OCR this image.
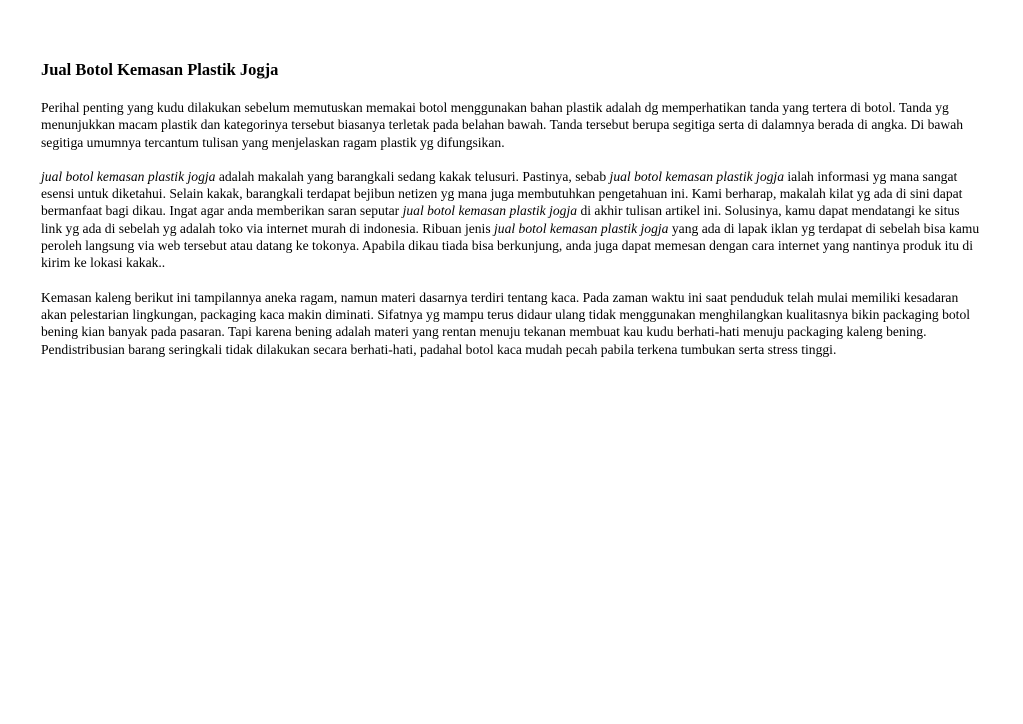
Jual Botol Kemasan Plastik Jogja

Perihal penting yang kudu dilakukan sebelum memutuskan memakai botol menggunakan bahan plastik adalah dg memperhatikan tanda yang tertera di botol. Tanda yg menunjukkan macam plastik dan kategorinya tersebut biasanya terletak pada belahan bawah. Tanda tersebut berupa segitiga serta di dalamnya berada di angka. Di bawah segitiga umumnya tercantum tulisan yang menjelaskan ragam plastik yg difungsikan.

jual botol kemasan plastik jogja adalah makalah yang barangkali sedang kakak telusuri. Pastinya, sebab jual botol kemasan plastik jogja ialah informasi yg mana sangat esensi untuk diketahui. Selain kakak, barangkali terdapat bejibun netizen yg mana juga membutuhkan pengetahuan ini. Kami berharap, makalah kilat yg ada di sini dapat bermanfaat bagi dikau. Ingat agar anda memberikan saran seputar jual botol kemasan plastik jogja di akhir tulisan artikel ini. Solusinya, kamu dapat mendatangi ke situs link yg ada di sebelah yg adalah toko via internet murah di indonesia. Ribuan jenis jual botol kemasan plastik jogja yang ada di lapak iklan yg terdapat di sebelah bisa kamu peroleh langsung via web tersebut atau datang ke tokonya. Apabila dikau tiada bisa berkunjung, anda juga dapat memesan dengan cara internet yang nantinya produk itu di kirim ke lokasi kakak..

Kemasan kaleng berikut ini tampilannya aneka ragam, namun materi dasarnya terdiri tentang kaca. Pada zaman waktu ini saat penduduk telah mulai memiliki kesadaran akan pelestarian lingkungan, packaging kaca makin diminati. Sifatnya yg mampu terus didaur ulang tidak menggunakan menghilangkan kualitasnya bikin packaging botol bening kian banyak pada pasaran. Tapi karena bening adalah materi yang rentan menuju tekanan membuat kau kudu berhati-hati menuju packaging kaleng bening. Pendistribusian barang seringkali tidak dilakukan secara berhati-hati, padahal botol kaca mudah pecah pabila terkena tumbukan serta stress tinggi.
